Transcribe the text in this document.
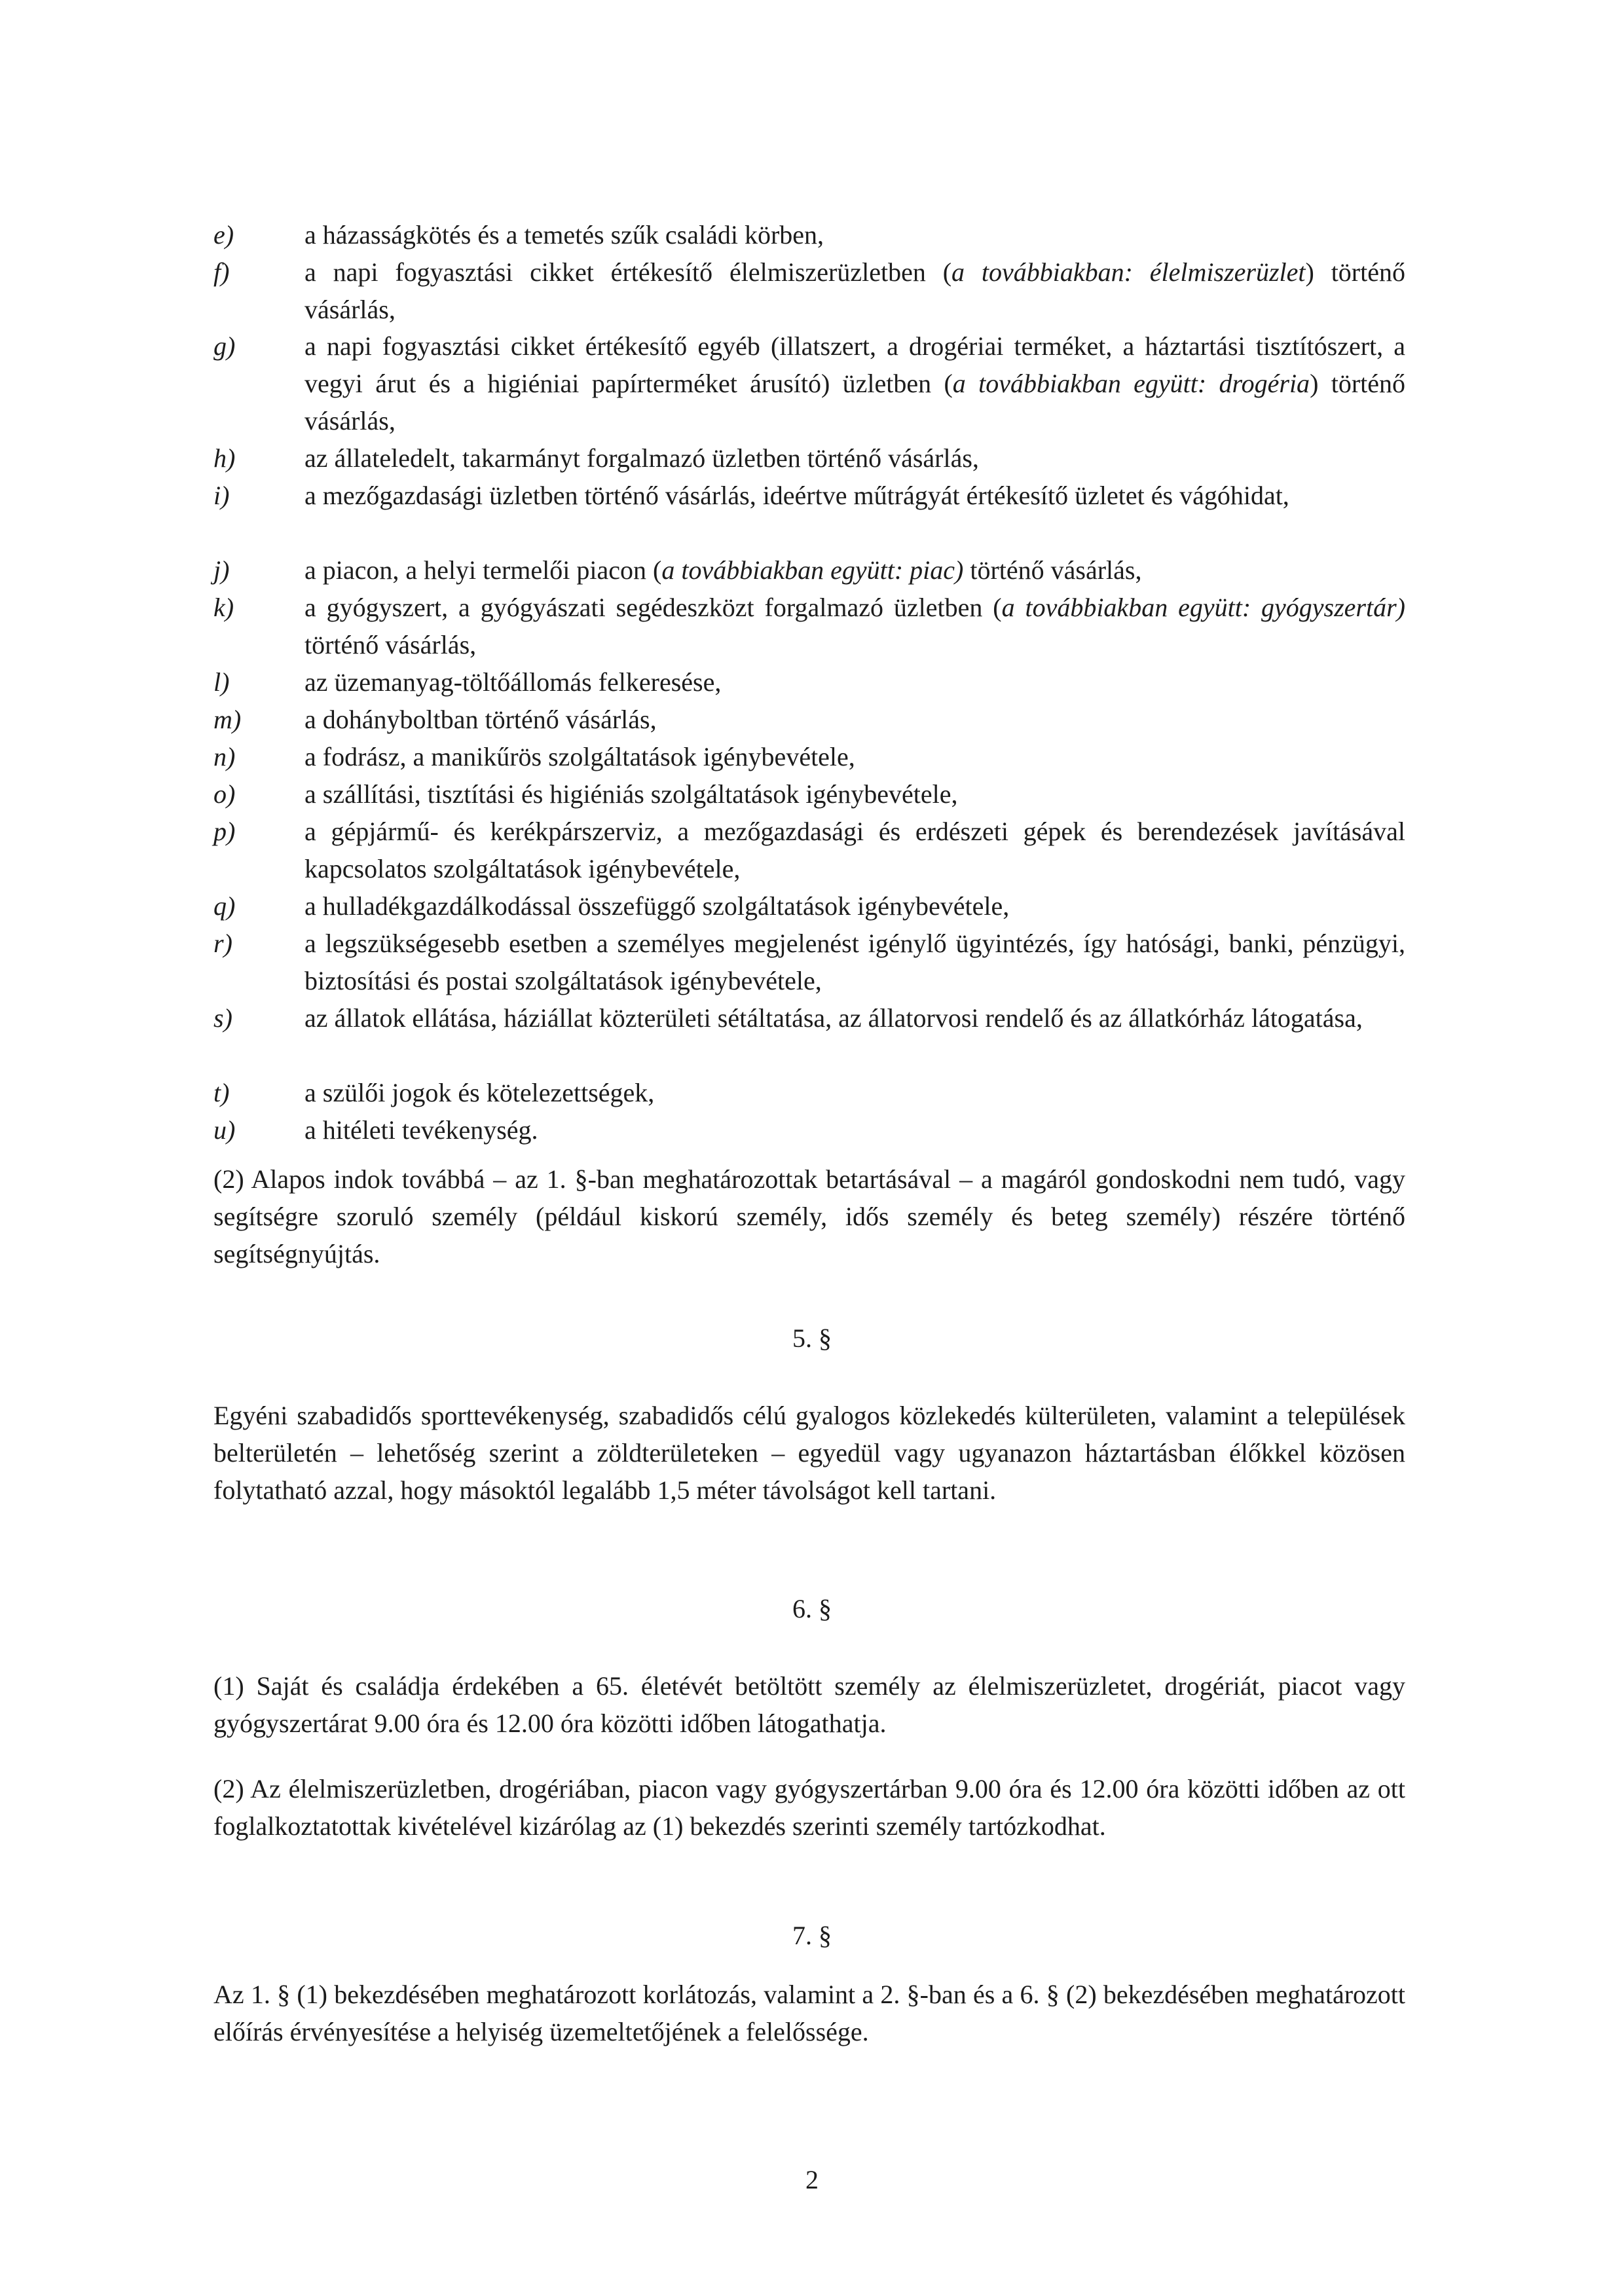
e)	a házasságkötés és a temetés szűk családi körben,
f)	a napi fogyasztási cikket értékesítő élelmiszerüzletben (a továbbiakban: élelmiszerüzlet) történő vásárlás,
g)	a napi fogyasztási cikket értékesítő egyéb (illatszert, a drogériai terméket, a háztartási tisztítószert, a vegyi árut és a higiéniai papírterméket árusító) üzletben (a továbbiakban együtt: drogéria) történő vásárlás,
h)	az állateledelt, takarmányt forgalmazó üzletben történő vásárlás,
i)	a mezőgazdasági üzletben történő vásárlás, ideértve műtrágyát értékesítő üzletet és vágóhidat,
j)	a piacon, a helyi termelői piacon (a továbbiakban együtt: piac) történő vásárlás,
k)	a gyógyszert, a gyógyászati segédeszközt forgalmazó üzletben (a továbbiakban együtt: gyógyszertár) történő vásárlás,
l)	az üzemanyag-töltőállomás felkeresése,
m)	a dohányboltban történő vásárlás,
n)	a fodrász, a manikűrös szolgáltatások igénybevétele,
o)	a szállítási, tisztítási és higiéniás szolgáltatások igénybevétele,
p)	a gépjármű- és kerékpárszerviz, a mezőgazdasági és erdészeti gépek és berendezések javításával kapcsolatos szolgáltatások igénybevétele,
q)	a hulladékgazdálkodással összefüggő szolgáltatások igénybevétele,
r)	a legszükségesebb esetben a személyes megjelenést igénylő ügyintézés, így hatósági, banki, pénzügyi, biztosítási és postai szolgáltatások igénybevétele,
s)	az állatok ellátása, háziállat közterületi sétáltatása, az állatorvosi rendelő és az állatkórház látogatása,
t)	a szülői jogok és kötelezettségek,
u)	a hitéleti tevékenység.
(2) Alapos indok továbbá – az 1. §-ban meghatározottak betartásával – a magáról gondoskodni nem tudó, vagy segítségre szoruló személy (például kiskorú személy, idős személy és beteg személy) részére történő segítségnyújtás.
5. §
Egyéni szabadidős sporttevékenység, szabadidős célú gyalogos közlekedés külterületen, valamint a települések belterületén – lehetőség szerint a zöldterületeken – egyedül vagy ugyanazon háztartásban élőkkel közösen folytatható azzal, hogy másoktól legalább 1,5 méter távolságot kell tartani.
6. §
(1) Saját és családja érdekében a 65. életévét betöltött személy az élelmiszerüzletet, drogériát, piacot vagy gyógyszertárat 9.00 óra és 12.00 óra közötti időben látogathatja.
(2) Az élelmiszerüzletben, drogériában, piacon vagy gyógyszertárban 9.00 óra és 12.00 óra közötti időben az ott foglalkoztatottak kivételével kizárólag az (1) bekezdés szerinti személy tartózkodhat.
7. §
Az 1. § (1) bekezdésében meghatározott korlátozás, valamint a 2. §-ban és a 6. § (2) bekezdésében meghatározott előírás érvényesítése a helyiség üzemeltetőjének a felelőssége.
2
